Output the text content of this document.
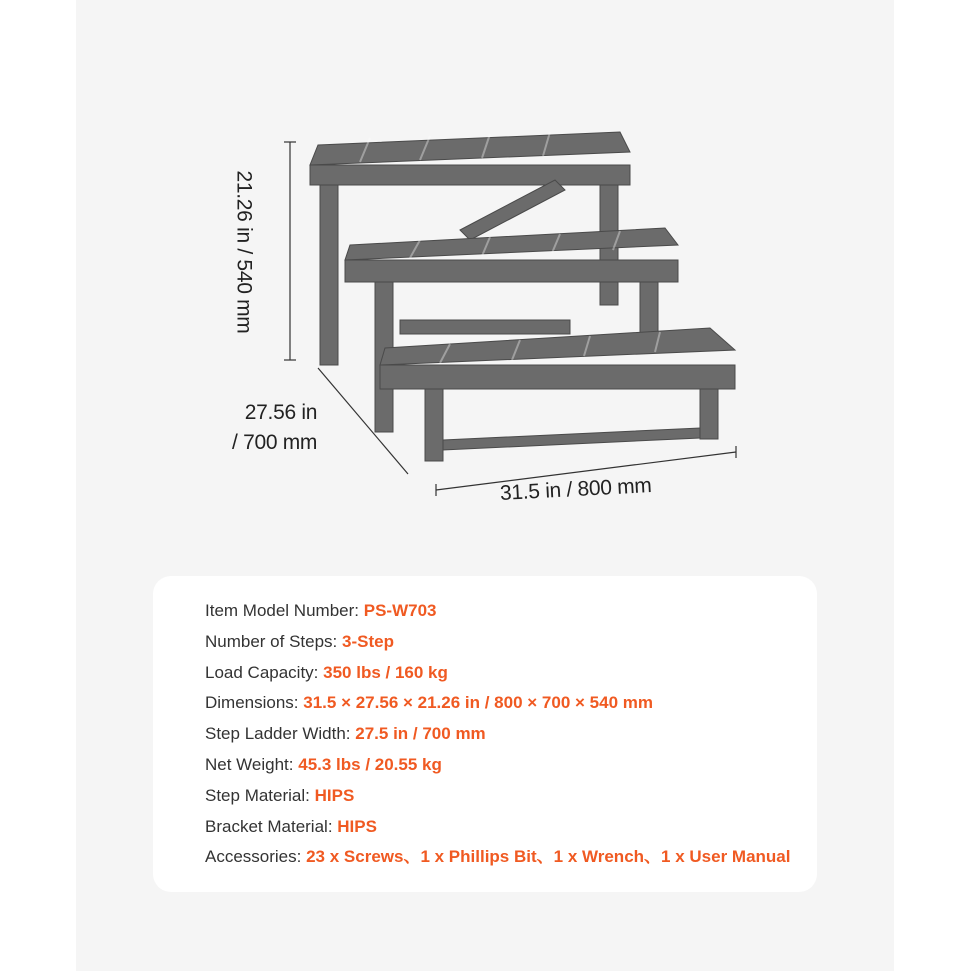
21.26 in / 540 mm
27.56 in
/ 700 mm
31.5 in / 800 mm
Item Model Number: PS-W703
Number of Steps: 3-Step
Load Capacity: 350 lbs / 160 kg
Dimensions: 31.5 × 27.56 × 21.26 in / 800 × 700 × 540 mm
Step Ladder Width: 27.5 in / 700 mm
Net Weight: 45.3 lbs / 20.55 kg
Step Material: HIPS
Bracket Material: HIPS
Accessories: 23 x Screws、1 x Phillips Bit、1 x Wrench、1 x User Manual
